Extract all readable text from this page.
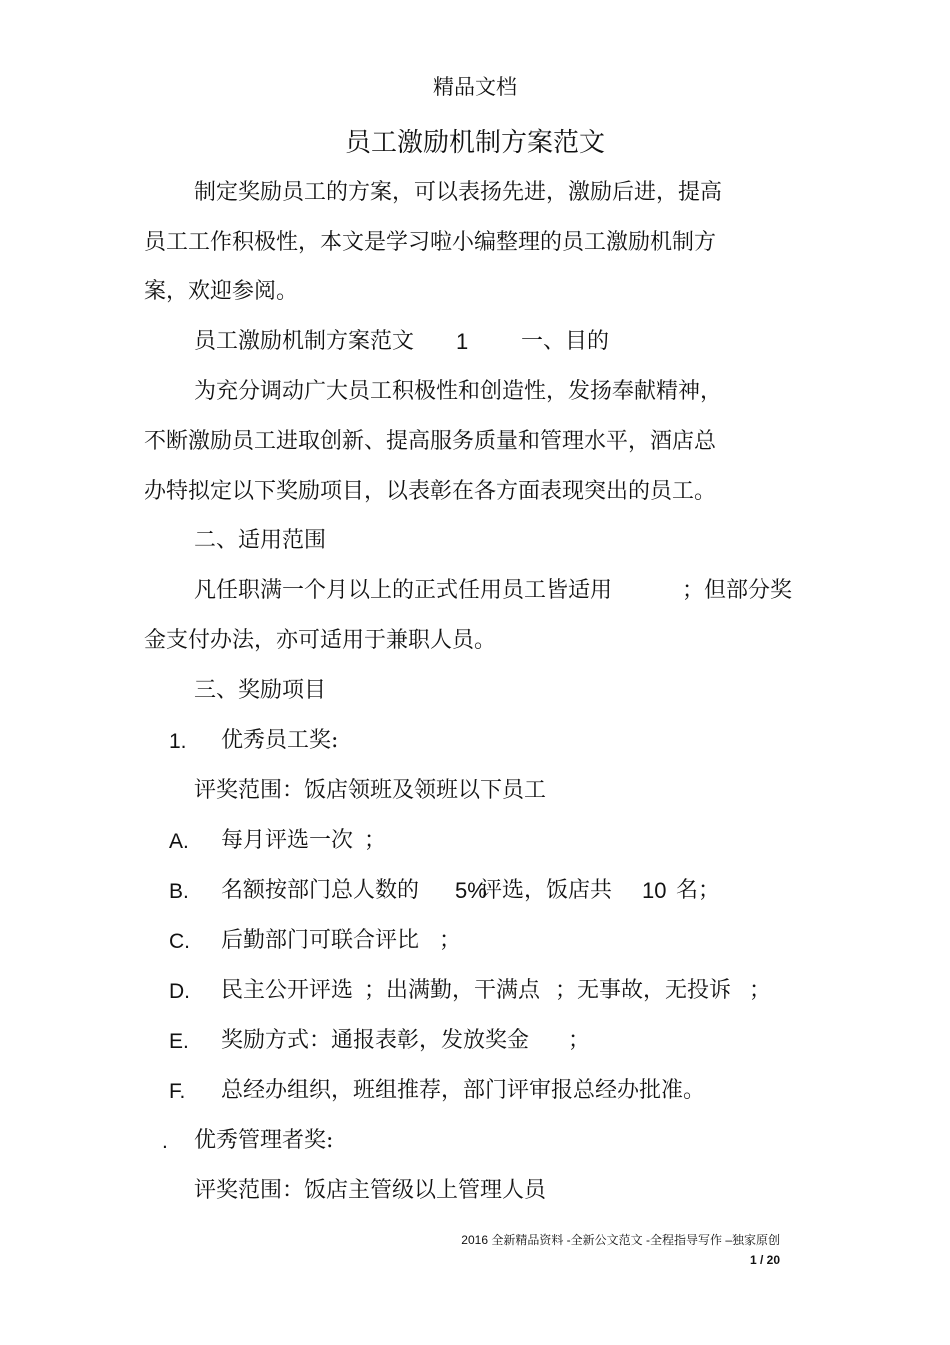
精品文档
员工激励机制方案范文
制定奖励员工的方案，可以表扬先进，激励后进，提高
员工工作积极性，本文是学习啦小编整理的员工激励机制方
案，欢迎参阅。
员工激励机制方案范文 1 一、目的
为充分调动广大员工积极性和创造性，发扬奉献精神，
不断激励员工进取创新、提高服务质量和管理水平，酒店总
办特拟定以下奖励项目，以表彰在各方面表现突出的员工。
二、适用范围
凡任职满一个月以上的正式任用员工皆适用	；但部分奖
金支付办法，亦可适用于兼职人员。
三、奖励项目
1. 优秀员工奖:
评奖范围：饭店领班及领班以下员工
A. 每月评选一次 ；
B. 名额按部门总人数的 5%
评选，饭店共 10 名；
C. 后勤部门可联合评比 ；
D. 民主公开评选 ；出满勤，干满点 ；无事故，无投诉 ；
E. 奖励方式：通报表彰，发放奖金 ；
F. 总经办组织，班组推荐，部门评审报总经办批准。
. 优秀管理者奖:
评奖范围：饭店主管级以上管理人员
2016 全新精品资料 -全新公文范文 -全程指导写作 –独家原创
1 / 20
